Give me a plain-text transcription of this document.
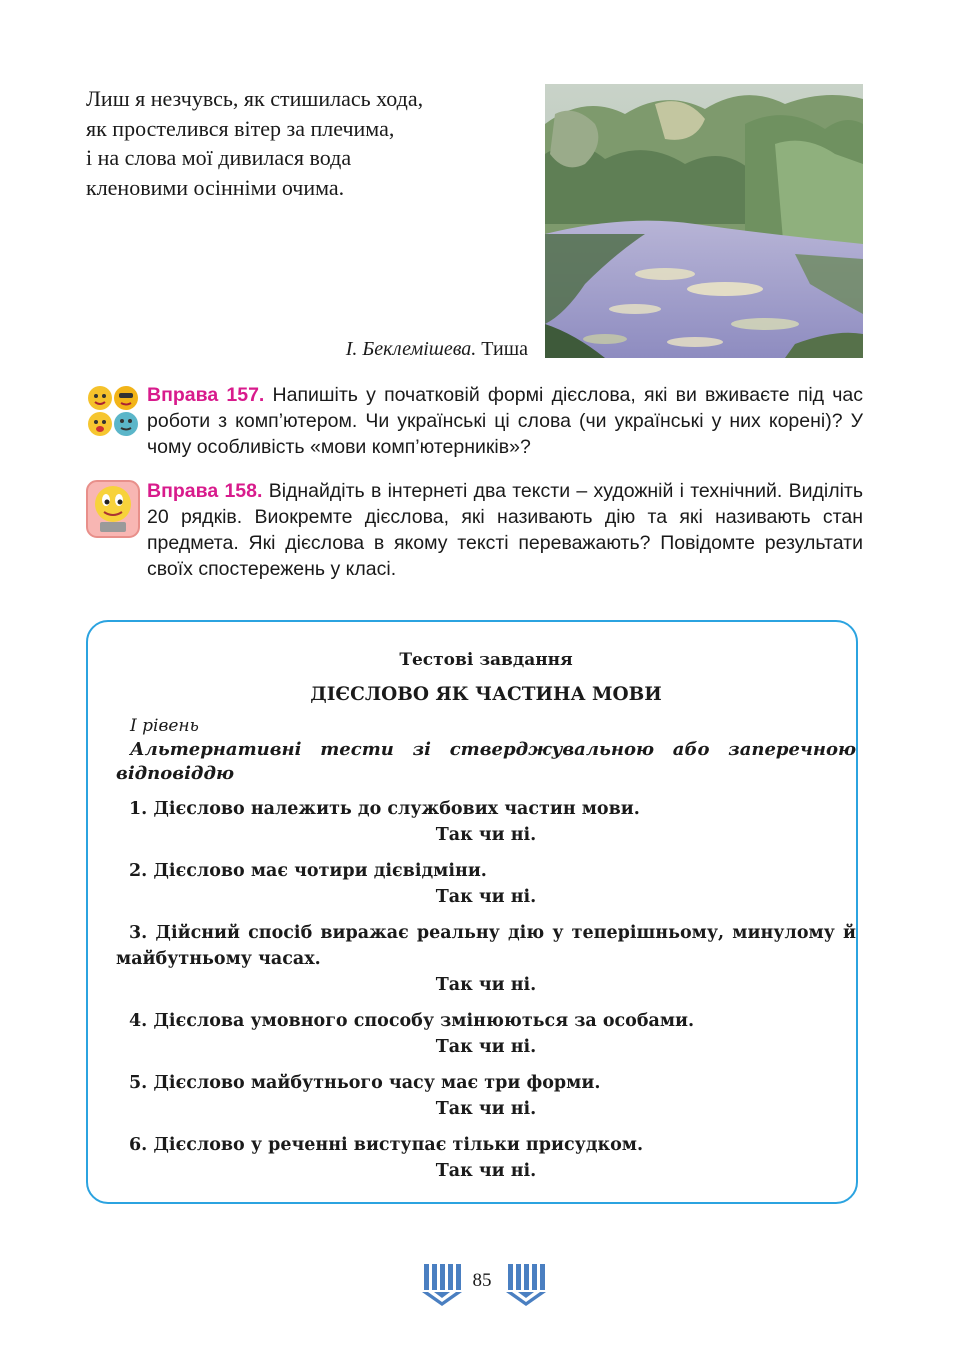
Лиш я незчувсь, як стишилась хода,
як простелився вітер за плечима,
і на слова мої дивилася вода
кленовими осінніми очима.
І. Беклемішева. Тиша
Вправа 157. Напишіть у початковій формі дієслова, які ви вживаєте під час роботи з комп’ютером. Чи українські ці слова (чи українські у них корені)? У чому особливість «мови комп’ютерників»?
Вправа 158. Віднайдіть в інтернеті два тексти – художній і технічний. Виділіть 20 рядків. Виокремте дієслова, які називають дію та які називають стан предмета. Які дієслова в якому тексті переважають? Повідомте результати своїх спостережень у класі.
Тестові завдання
ДІЄСЛОВО ЯК ЧАСТИНА МОВИ
І рівень
Альтернативні тести зі стверджувальною або заперечною відповіддю
1. Дієслово належить до службових частин мови.
Так чи ні.
2. Дієслово має чотири дієвідміни.
Так чи ні.
3. Дійсний спосіб виражає реальну дію у теперішньому, минулому й майбутньому часах.
Так чи ні.
4. Дієслова умовного способу змінюються за особами.
Так чи ні.
5. Дієслово майбутнього часу має три форми.
Так чи ні.
6. Дієслово у реченні виступає тільки присудком.
Так чи ні.
85
